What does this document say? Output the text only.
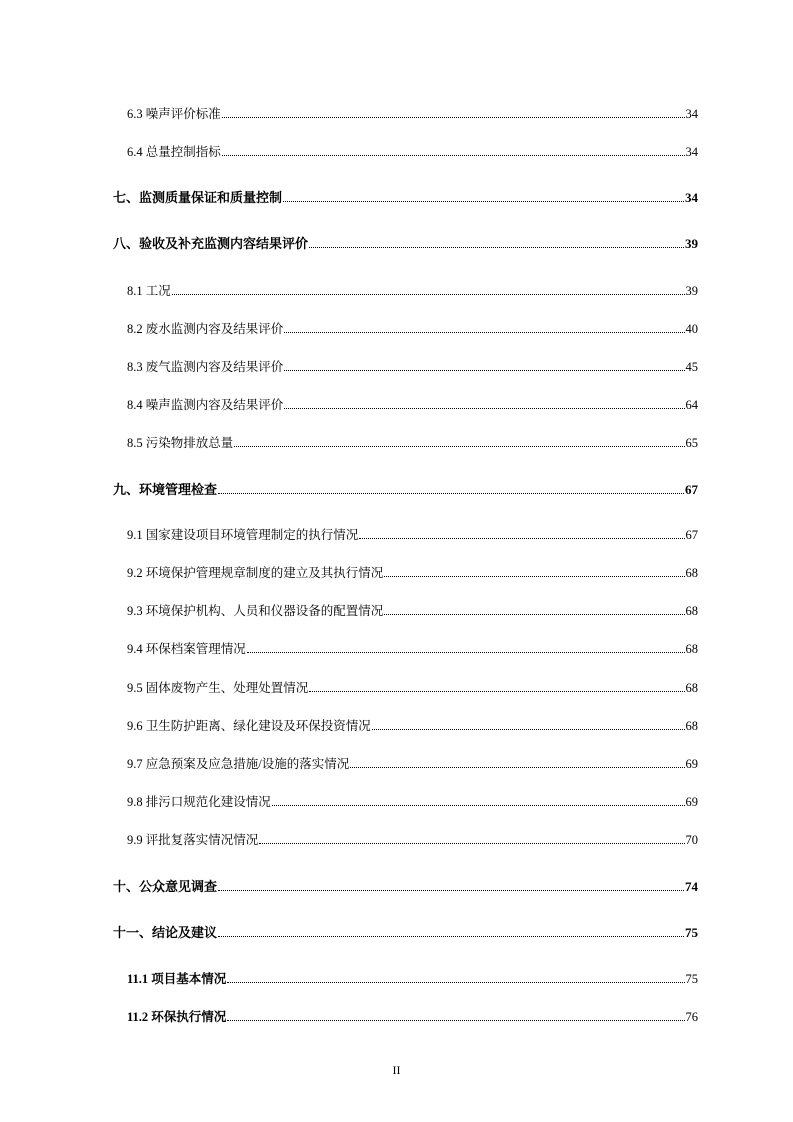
6.3 噪声评价标准	34
6.4 总量控制指标	34
七、监测质量保证和质量控制	34
八、验收及补充监测内容结果评价	39
8.1 工况	39
8.2 废水监测内容及结果评价	40
8.3 废气监测内容及结果评价	45
8.4 噪声监测内容及结果评价	64
8.5 污染物排放总量	65
九、环境管理检查	67
9.1 国家建设项目环境管理制定的执行情况	67
9.2 环境保护管理规章制度的建立及其执行情况	68
9.3 环境保护机构、人员和仪器设备的配置情况	68
9.4 环保档案管理情况	68
9.5 固体废物产生、处理处置情况	68
9.6 卫生防护距离、绿化建设及环保投资情况	68
9.7 应急预案及应急措施/设施的落实情况	69
9.8 排污口规范化建设情况	69
9.9 评批复落实情况情况	70
十、公众意见调查	74
十一、结论及建议	75
11.1 项目基本情况	75
11.2 环保执行情况	76
II
